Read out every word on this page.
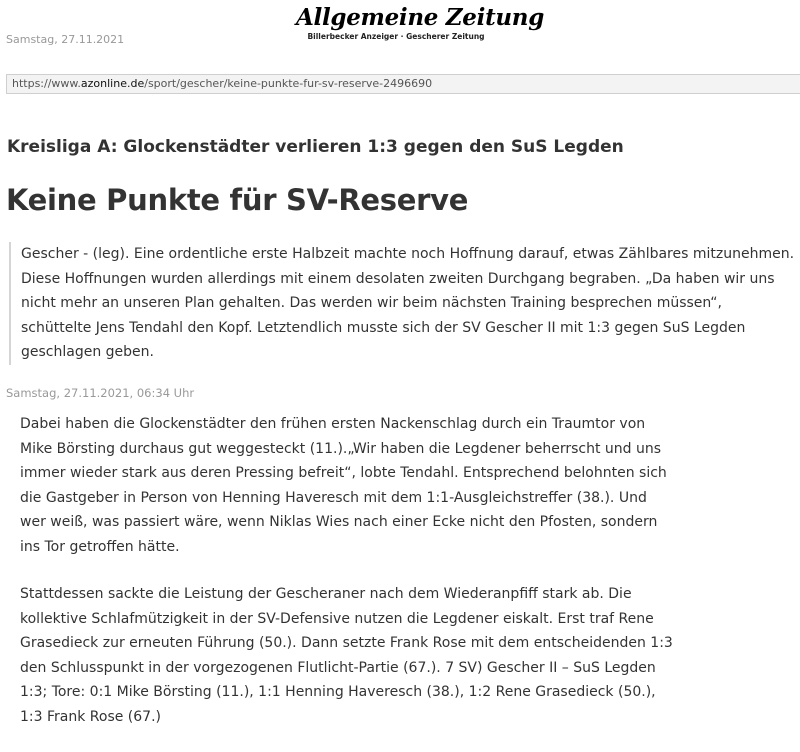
Samstag, 27.11.2021
Allgemeine Zeitung
Billerbecker Anzeiger · Gescherer Zeitung
https://www.azonline.de/sport/gescher/keine-punkte-fur-sv-reserve-2496690
Kreisliga A: Glockenstädter verlieren 1:3 gegen den SuS Legden
Keine Punkte für SV-Reserve
Gescher - (leg). Eine ordentliche erste Halbzeit machte noch Hoffnung darauf, etwas Zählbares mitzunehmen. Diese Hoffnungen wurden allerdings mit einem desolaten zweiten Durchgang begraben. „Da haben wir uns nicht mehr an unseren Plan gehalten. Das werden wir beim nächsten Training besprechen müssen“, schüttelte Jens Tendahl den Kopf. Letztendlich musste sich der SV Gescher II mit 1:3 gegen SuS Legden geschlagen geben.
Samstag, 27.11.2021, 06:34 Uhr

Dabei haben die Glockenstädter den frühen ersten Nackenschlag durch ein Traumtor von Mike Börsting durchaus gut weggesteckt (11.).„Wir haben die Legdener beherrscht und uns immer wieder stark aus deren Pressing befreit“, lobte Tendahl. Entsprechend belohnten sich die Gastgeber in Person von Henning Haveresch mit dem 1:1-Ausgleichstreffer (38.). Und wer weiß, was passiert wäre, wenn Niklas Wies nach einer Ecke nicht den Pfosten, sondern ins Tor getroffen hätte.

Stattdessen sackte die Leistung der Gescheraner nach dem Wiederanpfiff stark ab. Die kollektive Schlafmützigkeit in der SV-Defensive nutzen die Legdener eiskalt. Erst traf Rene Grasedieck zur erneuten Führung (50.). Dann setzte Frank Rose mit dem entscheidenden 1:3 den Schlusspunkt in der vorgezogenen Flutlicht-Partie (67.). 7 SV) Gescher II – SuS Legden 1:3; Tore: 0:1 Mike Börsting (11.), 1:1 Henning Haveresch (38.), 1:2 Rene Grasedieck (50.), 1:3 Frank Rose (67.)
